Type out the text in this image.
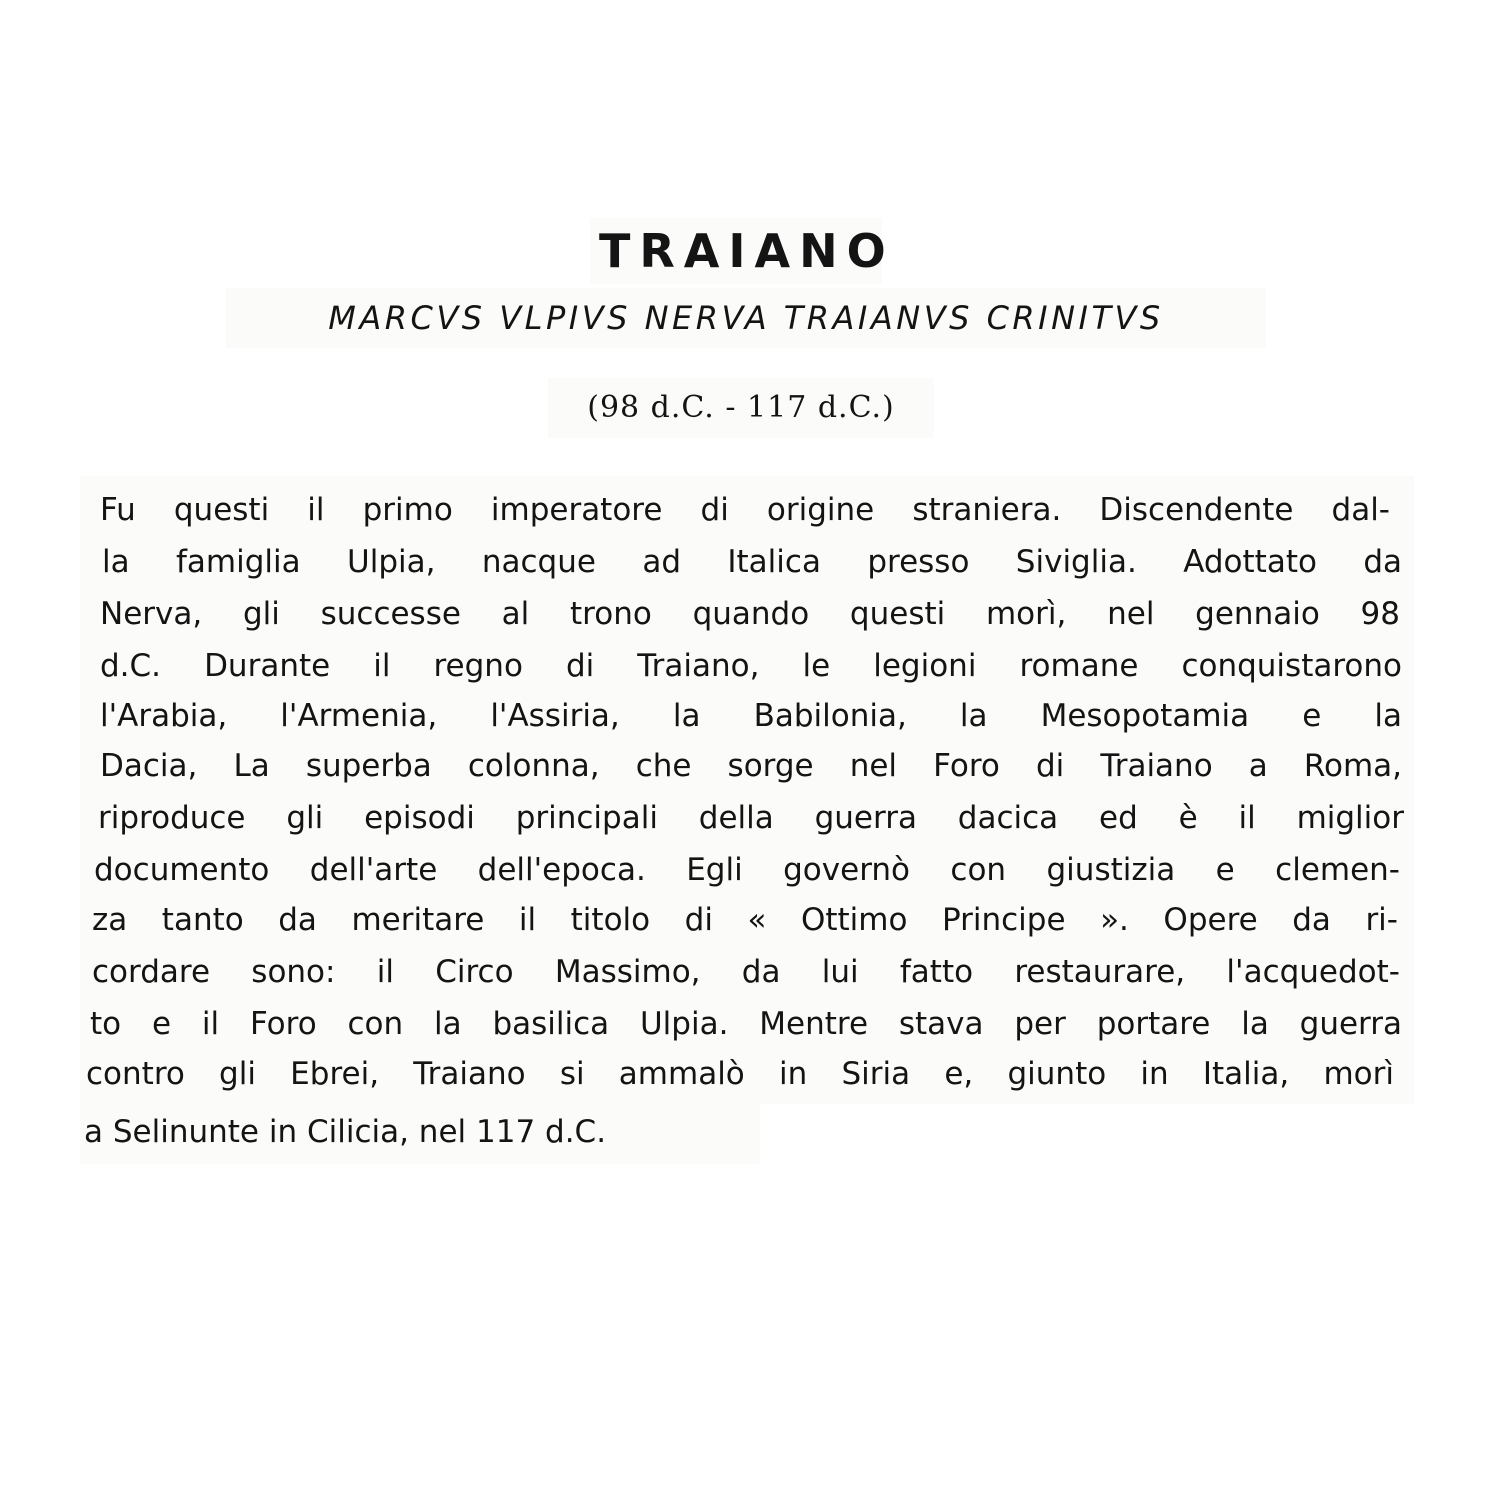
TRAIANO
MARCVS VLPIVS NERVA TRAIANVS CRINITVS
(98 d.C. - 117 d.C.)

Fu questi il primo imperatore di origine straniera. Discendente dal-

la famiglia Ulpia, nacque ad Italica presso Siviglia. Adottato da

Nerva, gli successe al trono quando questi morì, nel gennaio 98

d.C. Durante il regno di Traiano, le legioni romane conquistarono

l'Arabia, l'Armenia, l'Assiria, la Babilonia, la Mesopotamia e la

Dacia, La superba colonna, che sorge nel Foro di Traiano a Roma,

riproduce gli episodi principali della guerra dacica ed è il miglior

documento dell'arte dell'epoca. Egli governò con giustizia e clemen-

za tanto da meritare il titolo di « Ottimo Principe ». Opere da ri-

cordare sono: il Circo Massimo, da lui fatto restaurare, l'acquedot-

to e il Foro con la basilica Ulpia. Mentre stava per portare la guerra

contro gli Ebrei, Traiano si ammalò in Siria e, giunto in Italia, morì

a Selinunte in Cilicia, nel 117 d.C.
